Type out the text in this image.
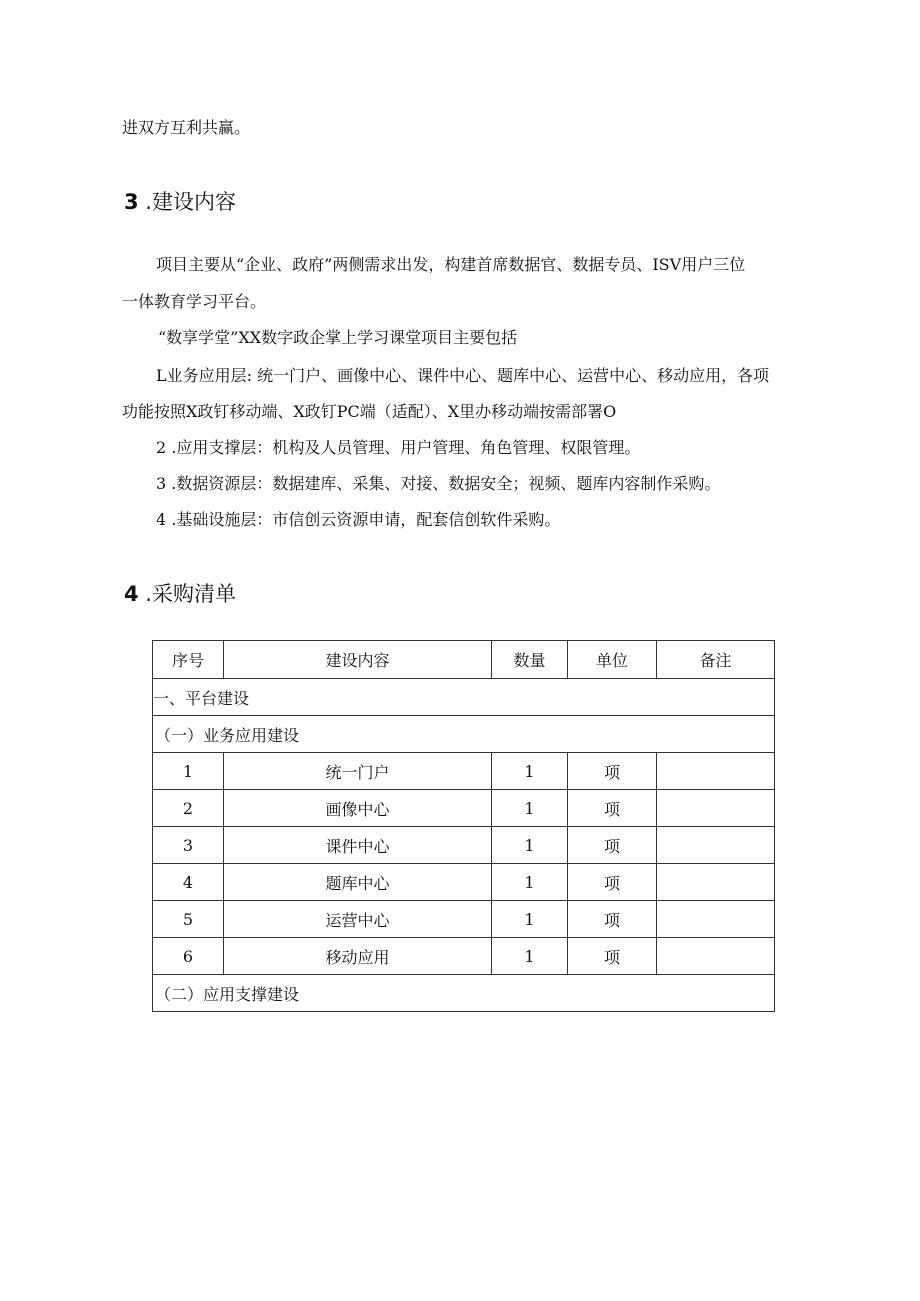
进双方互利共赢。
3 .建设内容
项目主要从“企业、政府”两侧需求出发，构建首席数据官、数据专员、ISV用户三位
一体教育学习平台。
“数享学堂”XX数字政企掌上学习课堂项目主要包括
L业务应用层: 统一门户、画像中心、课件中心、题库中心、运营中心、移动应用，各项
功能按照X政钉移动端、X政钉PC端（适配）、X里办移动端按需部署O
2 .应用支撑层：机构及人员管理、用户管理、角色管理、权限管理。
3 .数据资源层：数据建库、采集、对接、数据安全；视频、题库内容制作采购。
4 .基础设施层：市信创云资源申请，配套信创软件采购。
4 .采购清单
序号	建设内容	数量	单位	备注
一、平台建设				
（一）业务应用建设				
1	统一门户	1	项	
2	画像中心	1	项	
3	课件中心	1	项	
4	题库中心	1	项	
5	运营中心	1	项	
6	移动应用	1	项	
（二）应用支撑建设				
